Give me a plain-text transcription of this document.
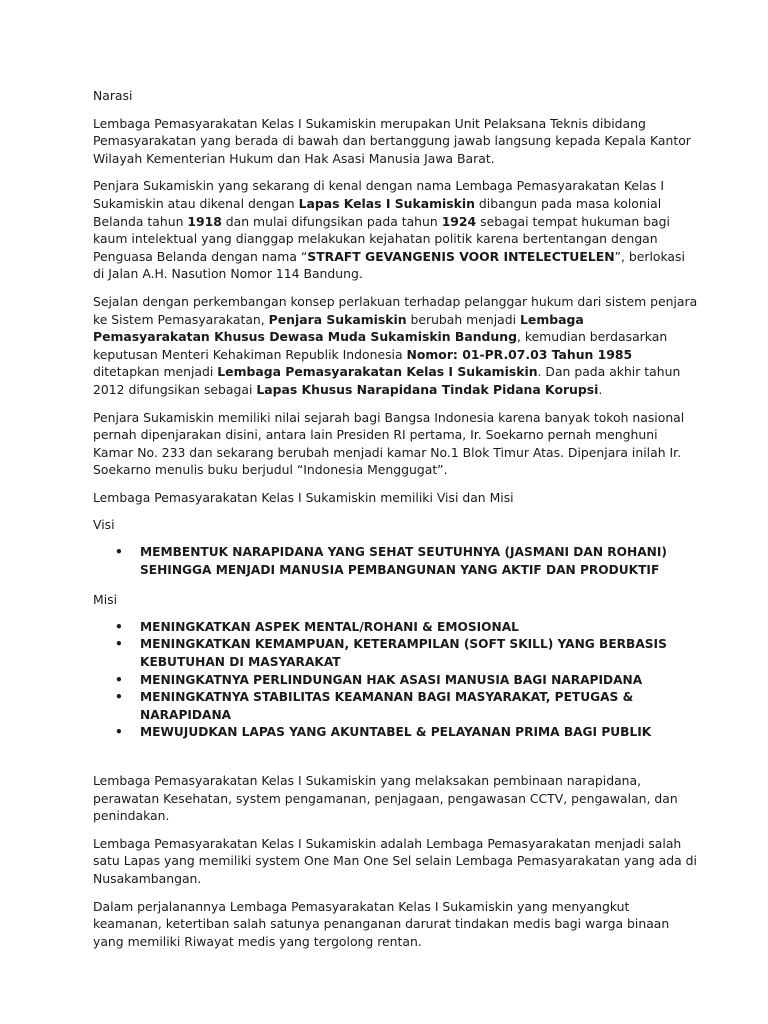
Narasi

Lembaga Pemasyarakatan Kelas I Sukamiskin merupakan Unit Pelaksana Teknis dibidang Pemasyarakatan yang berada di bawah dan bertanggung jawab langsung kepada Kepala Kantor Wilayah Kementerian Hukum dan Hak Asasi Manusia Jawa Barat.

Penjara Sukamiskin yang sekarang di kenal dengan nama Lembaga Pemasyarakatan Kelas I Sukamiskin atau dikenal dengan Lapas Kelas I Sukamiskin dibangun pada masa kolonial Belanda tahun 1918 dan mulai difungsikan pada tahun 1924 sebagai tempat hukuman bagi kaum intelektual yang dianggap melakukan kejahatan politik karena bertentangan dengan Penguasa Belanda dengan nama “STRAFT GEVANGENIS VOOR INTELECTUELEN”, berlokasi di Jalan A.H. Nasution Nomor 114 Bandung.

Sejalan dengan perkembangan konsep perlakuan terhadap pelanggar hukum dari sistem penjara ke Sistem Pemasyarakatan, Penjara Sukamiskin berubah menjadi Lembaga Pemasyarakatan Khusus Dewasa Muda Sukamiskin Bandung, kemudian berdasarkan keputusan Menteri Kehakiman Republik Indonesia Nomor: 01-PR.07.03 Tahun 1985 ditetapkan menjadi Lembaga Pemasyarakatan Kelas I Sukamiskin. Dan pada akhir tahun 2012 difungsikan sebagai Lapas Khusus Narapidana Tindak Pidana Korupsi.

Penjara Sukamiskin memiliki nilai sejarah bagi Bangsa Indonesia karena banyak tokoh nasional pernah dipenjarakan disini, antara lain Presiden RI pertama, Ir. Soekarno pernah menghuni Kamar No. 233 dan sekarang berubah menjadi kamar No.1 Blok Timur Atas. Dipenjara inilah Ir. Soekarno menulis buku berjudul “Indonesia Menggugat”.

Lembaga Pemasyarakatan Kelas I Sukamiskin memiliki Visi dan Misi

Visi

• MEMBENTUK NARAPIDANA YANG SEHAT SEUTUHNYA (JASMANI DAN ROHANI) SEHINGGA MENJADI MANUSIA PEMBANGUNAN YANG AKTIF DAN PRODUKTIF

Misi

• MENINGKATKAN ASPEK MENTAL/ROHANI & EMOSIONAL
• MENINGKATKAN KEMAMPUAN, KETERAMPILAN (SOFT SKILL) YANG BERBASIS KEBUTUHAN DI MASYARAKAT
• MENINGKATNYA PERLINDUNGAN HAK ASASI MANUSIA BAGI NARAPIDANA
• MENINGKATNYA STABILITAS KEAMANAN BAGI MASYARAKAT, PETUGAS & NARAPIDANA
• MEWUJUDKAN LAPAS YANG AKUNTABEL & PELAYANAN PRIMA BAGI PUBLIK

Lembaga Pemasyarakatan Kelas I Sukamiskin yang melaksakan pembinaan narapidana, perawatan Kesehatan, system pengamanan, penjagaan, pengawasan CCTV, pengawalan, dan penindakan.

Lembaga Pemasyarakatan Kelas I Sukamiskin adalah Lembaga Pemasyarakatan menjadi salah satu Lapas yang memiliki system One Man One Sel selain Lembaga Pemasyarakatan yang ada di Nusakambangan.

Dalam perjalanannya Lembaga Pemasyarakatan Kelas I Sukamiskin yang menyangkut keamanan, ketertiban salah satunya penanganan darurat tindakan medis bagi warga binaan yang memiliki Riwayat medis yang tergolong rentan.
